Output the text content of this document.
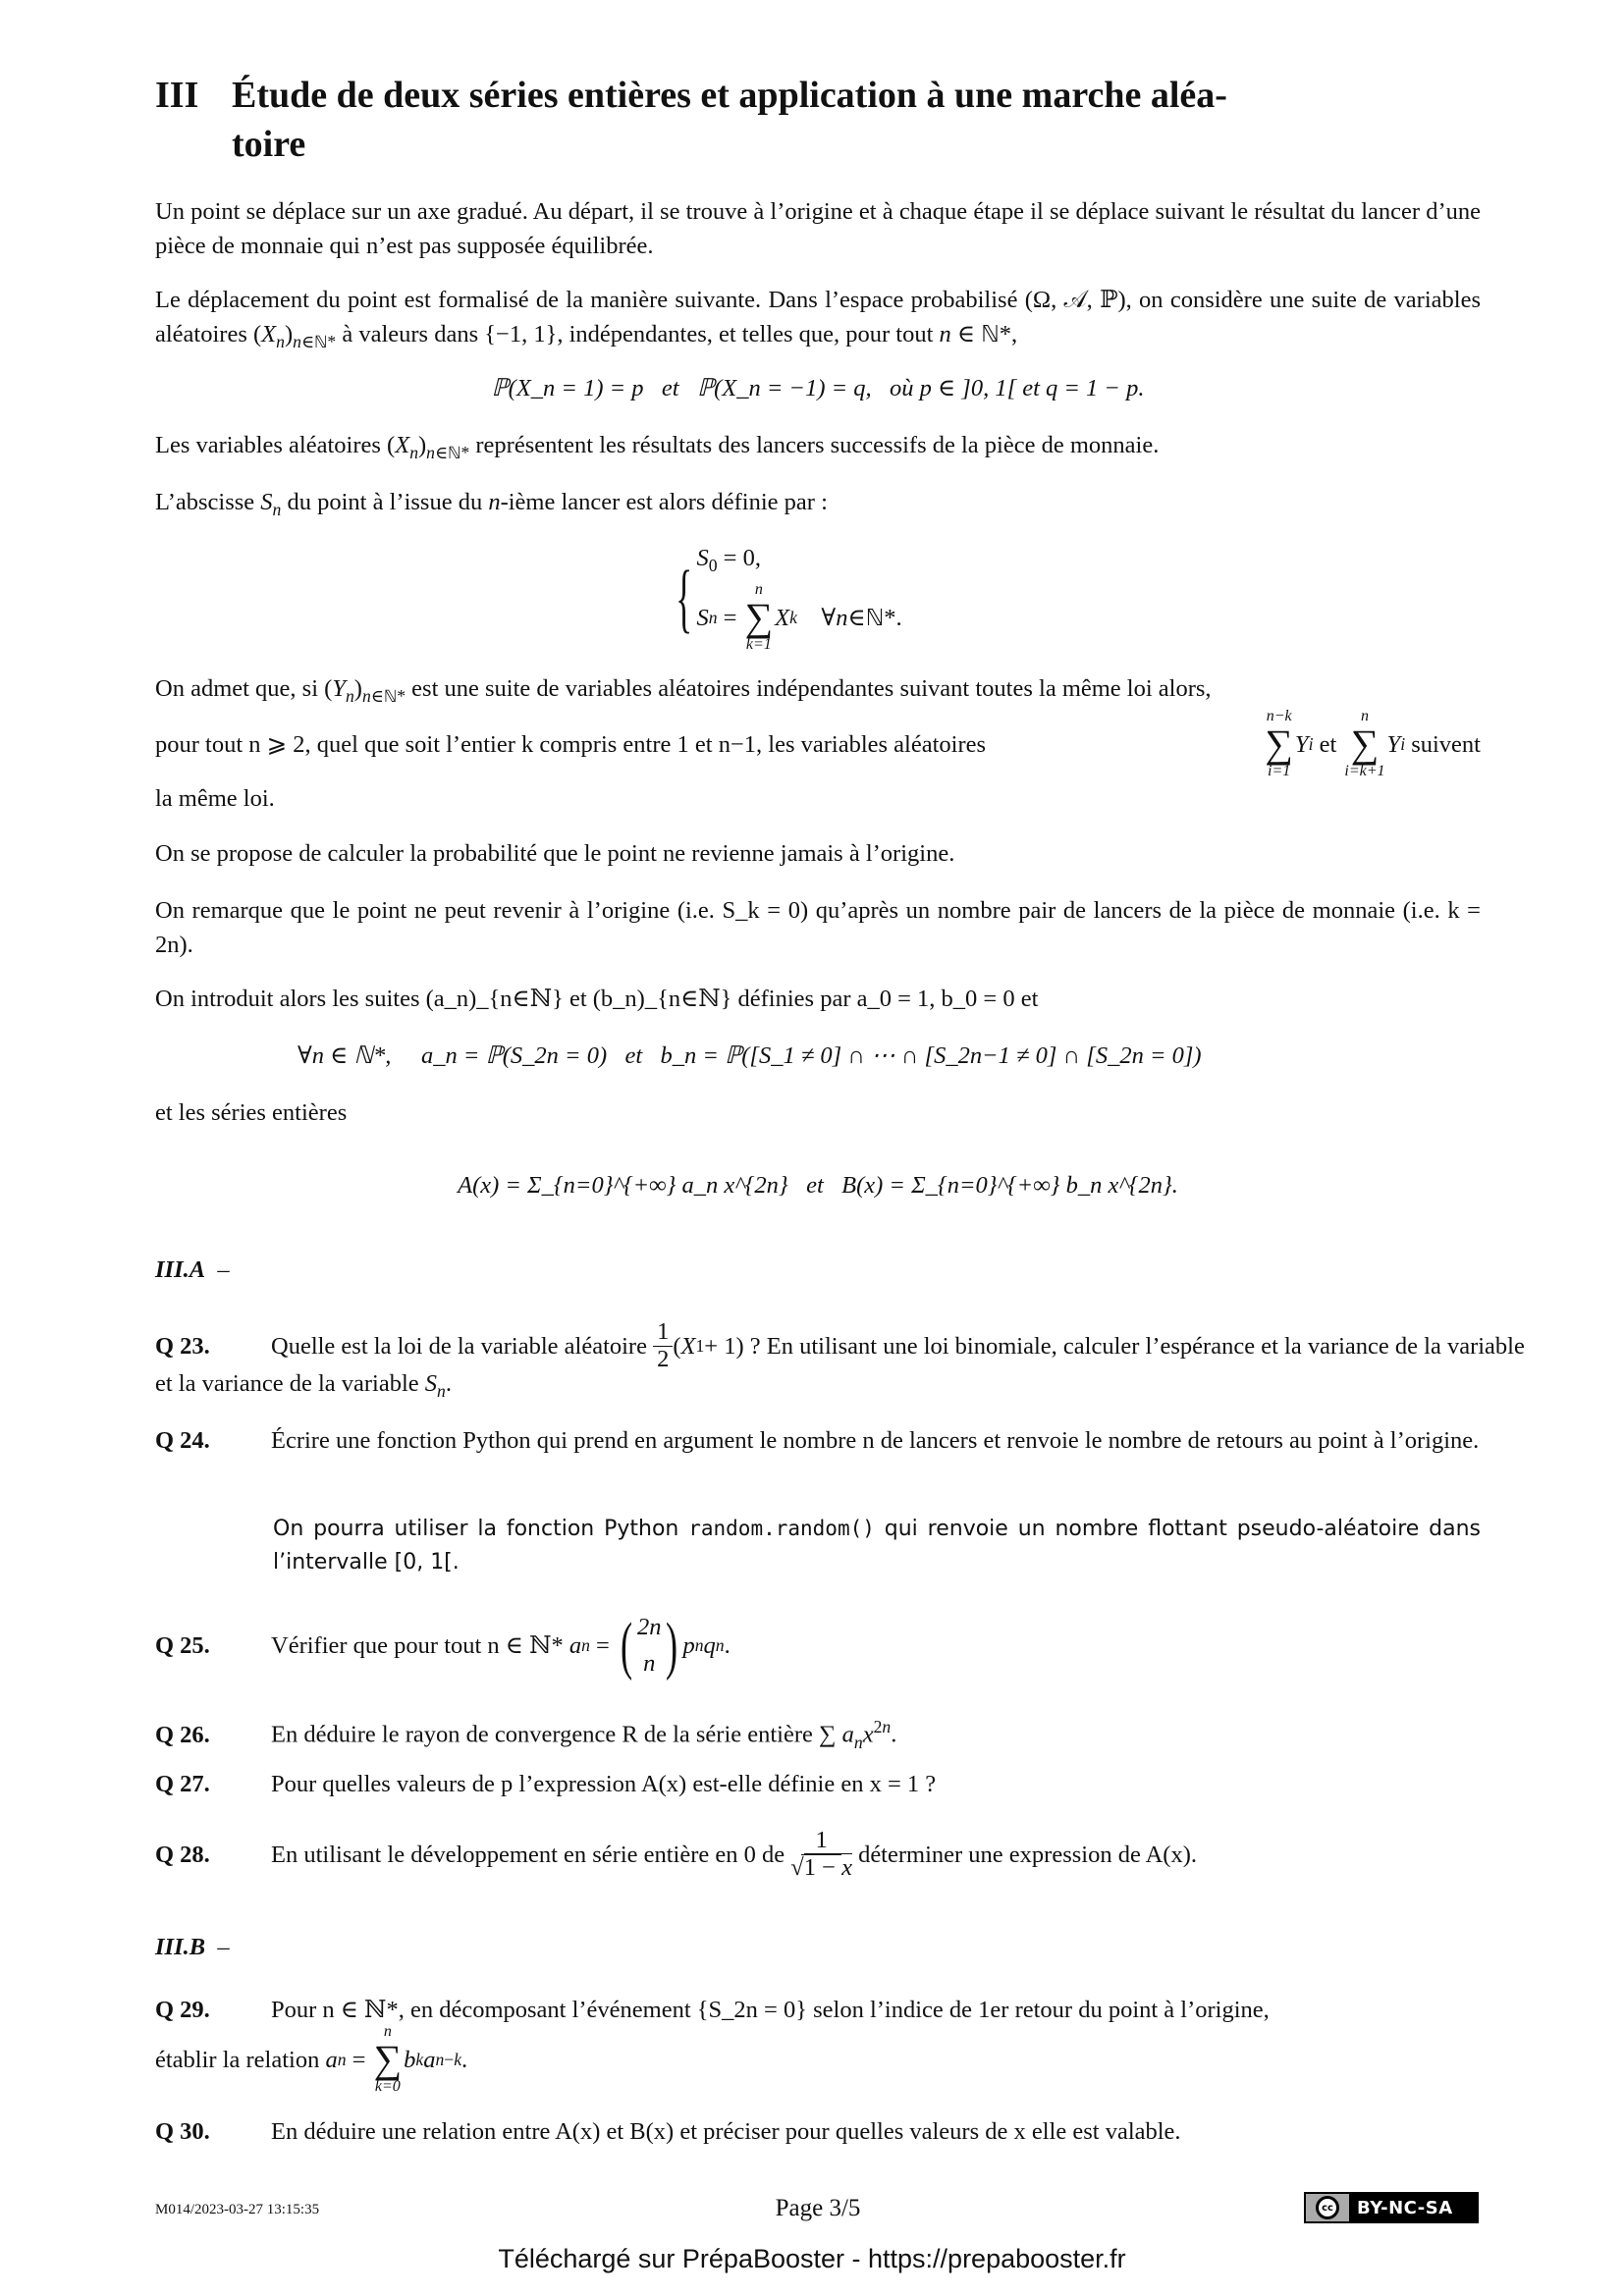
III Étude de deux séries entières et application à une marche aléa-
toire
Un point se déplace sur un axe gradué. Au départ, il se trouve à l’origine et à chaque étape il se déplace suivant le résultat du lancer d’une pièce de monnaie qui n’est pas supposée équilibrée.
Le déplacement du point est formalisé de la manière suivante. Dans l’espace probabilisé (Ω, 𝒜, ℙ), on considère une suite de variables aléatoires $(X_n)_{n\in ℕ*}$ à valeurs dans {−1, 1}, indépendantes, et telles que, pour tout n ∈ ℕ*,
ℙ(X_n = 1) = p   et   ℙ(X_n = −1) = q,   où p ∈ ]0, 1[ et q = 1 − p.
Les variables aléatoires $(X_n)_{n\in ℕ*}$ représentent les résultats des lancers successifs de la pièce de monnaie.
L’abscisse $S_n$ du point à l’issue du n-ième lancer est alors définie par :
{ $S_0 = 0$,
S n =
n
∑
k=1
X k ∀ n ∈ ℕ *.
On admet que, si $(Y_n)_{n\in ℕ*}$ est une suite de variables aléatoires indépendantes suivant toutes la même loi alors,
pour tout n ⩾ 2, quel que soit l’entier k compris entre 1 et n−1, les variables aléatoires
n−k
∑
i=1
Y i
et

n
∑
i=k+1
Y i
suivent
la même loi.
On se propose de calculer la probabilité que le point ne revienne jamais à l’origine.
On remarque que le point ne peut revenir à l’origine (i.e. S_k = 0) qu’après un nombre pair de lancers de la pièce de monnaie (i.e. k = 2n).
On introduit alors les suites (a_n)_{n∈ℕ} et (b_n)_{n∈ℕ} définies par a_0 = 1, b_0 = 0 et
∀n ∈ ℕ*,     a_n = ℙ(S_2n = 0)   et   b_n = ℙ([S_1 ≠ 0] ∩ ⋯ ∩ [S_2n−1 ≠ 0] ∩ [S_2n = 0])
et les séries entières
A(x) = Σ_{n=0}^{+∞} a_n x^{2n}   et   B(x) = Σ_{n=0}^{+∞} b_n x^{2n}.
III.A –
Q 23.	Quelle est la loi de la variable aléatoire
$\frac{1}{2}$ ( X 1 + 1) ? En utilisant une loi binomiale, calculer l’espérance et la variance de la variable
et la variance de la variable $S_n$.
Q 24.	Écrire une fonction Python qui prend en argument le nombre n de lancers et renvoie le nombre de retours au point à l’origine.
On pourra utiliser la fonction Python random.random() qui renvoie un nombre flottant pseudo-aléatoire dans l’intervalle [0, 1[.
Q 25.	Vérifier que pour tout n ∈ ℕ*
a n = ( 2n
n ) p n q n .
Q 26.	En déduire le rayon de convergence R de la série entière ∑ $a_nx^{2n}$.
Q 27.	Pour quelles valeurs de p l’expression A(x) est-elle définie en x = 1 ?
Q 28.	En utilisant le développement en série entière en 0 de
$\frac{1}{√1 - x}$
déterminer une expression de A(x).
III.B –
Q 29.	Pour n ∈ ℕ*, en décomposant l’événement {S_2n = 0} selon l’indice de 1er retour du point à l’origine,
établir la relation
a n =
n
∑
k=0
b k a n−k .
Q 30.	En déduire une relation entre A(x) et B(x) et préciser pour quelles valeurs de x elle est valable.
M014/2023-03-27 13:15:35	Page 3/5	cc	BY-NC-SA
Téléchargé sur PrépaBooster - https://prepabooster.fr
